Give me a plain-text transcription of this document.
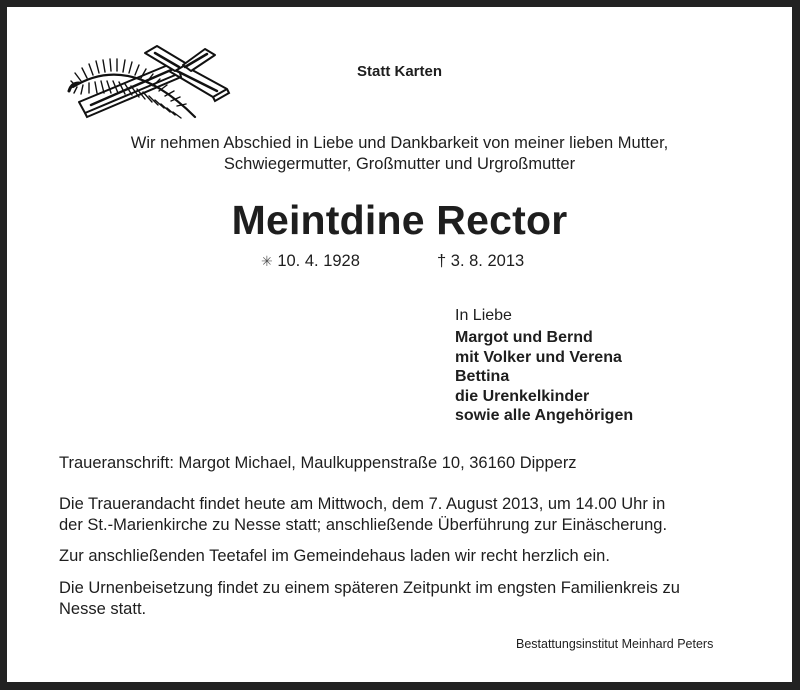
Statt Karten
Wir nehmen Abschied in Liebe und Dankbarkeit von meiner lieben Mutter,
Schwiegermutter, Großmutter und Urgroßmutter
Meintdine Rector
✳ 10. 4. 1928	† 3. 8. 2013
In Liebe
Margot und Bernd
mit Volker und Verena
Bettina
die Urenkelkinder
sowie alle Angehörigen
Traueranschrift: Margot Michael, Maulkuppenstraße 10, 36160 Dipperz
Die Trauerandacht findet heute am Mittwoch, dem 7. August 2013, um 14.00 Uhr in
der St.-Marienkirche zu Nesse statt; anschließende Überführung zur Einäscherung.
Zur anschließenden Teetafel im Gemeindehaus laden wir recht herzlich ein.
Die Urnenbeisetzung findet zu einem späteren Zeitpunkt im engsten Familienkreis zu
Nesse statt.
Bestattungsinstitut Meinhard Peters
